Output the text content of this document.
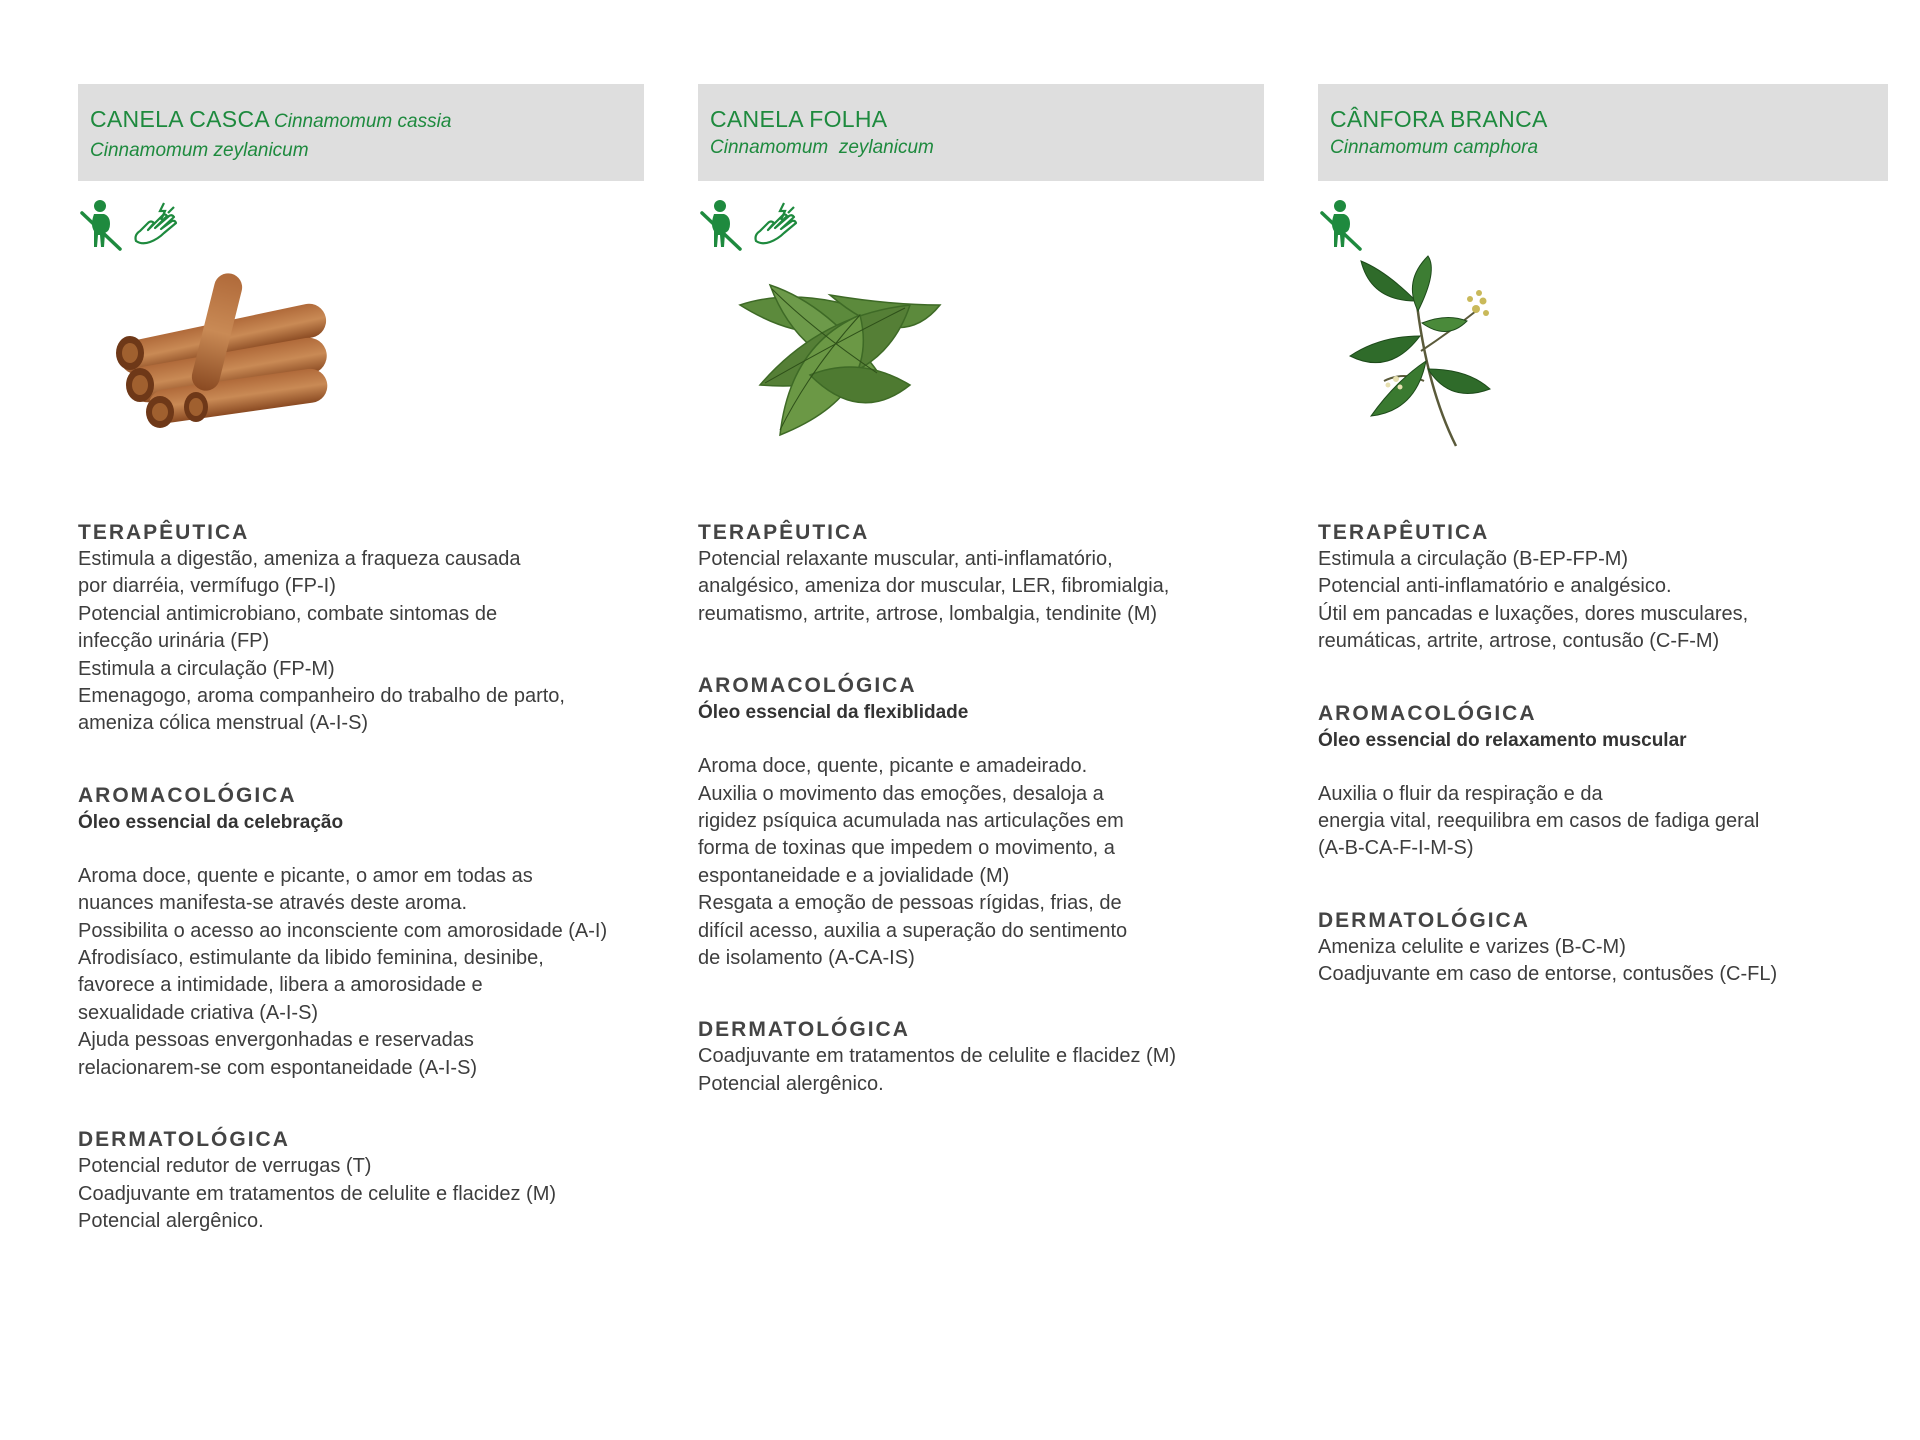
CANELA CASCA Cinnamomum cassia
Cinnamomum zeylanicum
TERAPÊUTICA
Estimula a digestão, ameniza a fraqueza causada
por diarréia, vermífugo (FP-I)
Potencial antimicrobiano, combate sintomas de
infecção urinária (FP)
Estimula a circulação (FP-M)
Emenagogo, aroma companheiro do trabalho de parto,
ameniza cólica menstrual (A-I-S)
AROMACOLÓGICA

Óleo essencial da celebração

Aroma doce, quente e picante, o amor em todas as
nuances manifesta-se através deste aroma.
Possibilita o acesso ao inconsciente com amorosidade (A-I)
Afrodisíaco, estimulante da libido feminina, desinibe,
favorece a intimidade, libera a amorosidade e
sexualidade criativa (A-I-S)
Ajuda pessoas envergonhadas e reservadas
relacionarem-se com espontaneidade (A-I-S)
DERMATOLÓGICA
Potencial redutor de verrugas (T)
Coadjuvante em tratamentos de celulite e flacidez (M)
Potencial alergênico.
CANELA FOLHA
Cinnamomum  zeylanicum
TERAPÊUTICA
Potencial relaxante muscular, anti-inflamatório,
analgésico, ameniza dor muscular, LER, fibromialgia,
reumatismo, artrite, artrose, lombalgia, tendinite (M)
AROMACOLÓGICA

Óleo essencial da flexiblidade

Aroma doce, quente, picante e amadeirado.
Auxilia o movimento das emoções, desaloja a
rigidez psíquica acumulada nas articulações em
forma de toxinas que impedem o movimento, a
espontaneidade e a jovialidade (M)
Resgata a emoção de pessoas rígidas, frias, de
difícil acesso, auxilia a superação do sentimento
de isolamento (A-CA-IS)
DERMATOLÓGICA
Coadjuvante em tratamentos de celulite e flacidez (M)
Potencial alergênico.
CÂNFORA BRANCA
Cinnamomum camphora
TERAPÊUTICA
Estimula a circulação (B-EP-FP-M)
Potencial anti-inflamatório e analgésico.
Útil em pancadas e luxações, dores musculares,
reumáticas, artrite, artrose, contusão (C-F-M)
AROMACOLÓGICA

Óleo essencial do relaxamento muscular

Auxilia o fluir da respiração e da
energia vital, reequilibra em casos de fadiga geral
(A-B-CA-F-I-M-S)
DERMATOLÓGICA
Ameniza celulite e varizes (B-C-M)
Coadjuvante em caso de entorse, contusões (C-FL)
